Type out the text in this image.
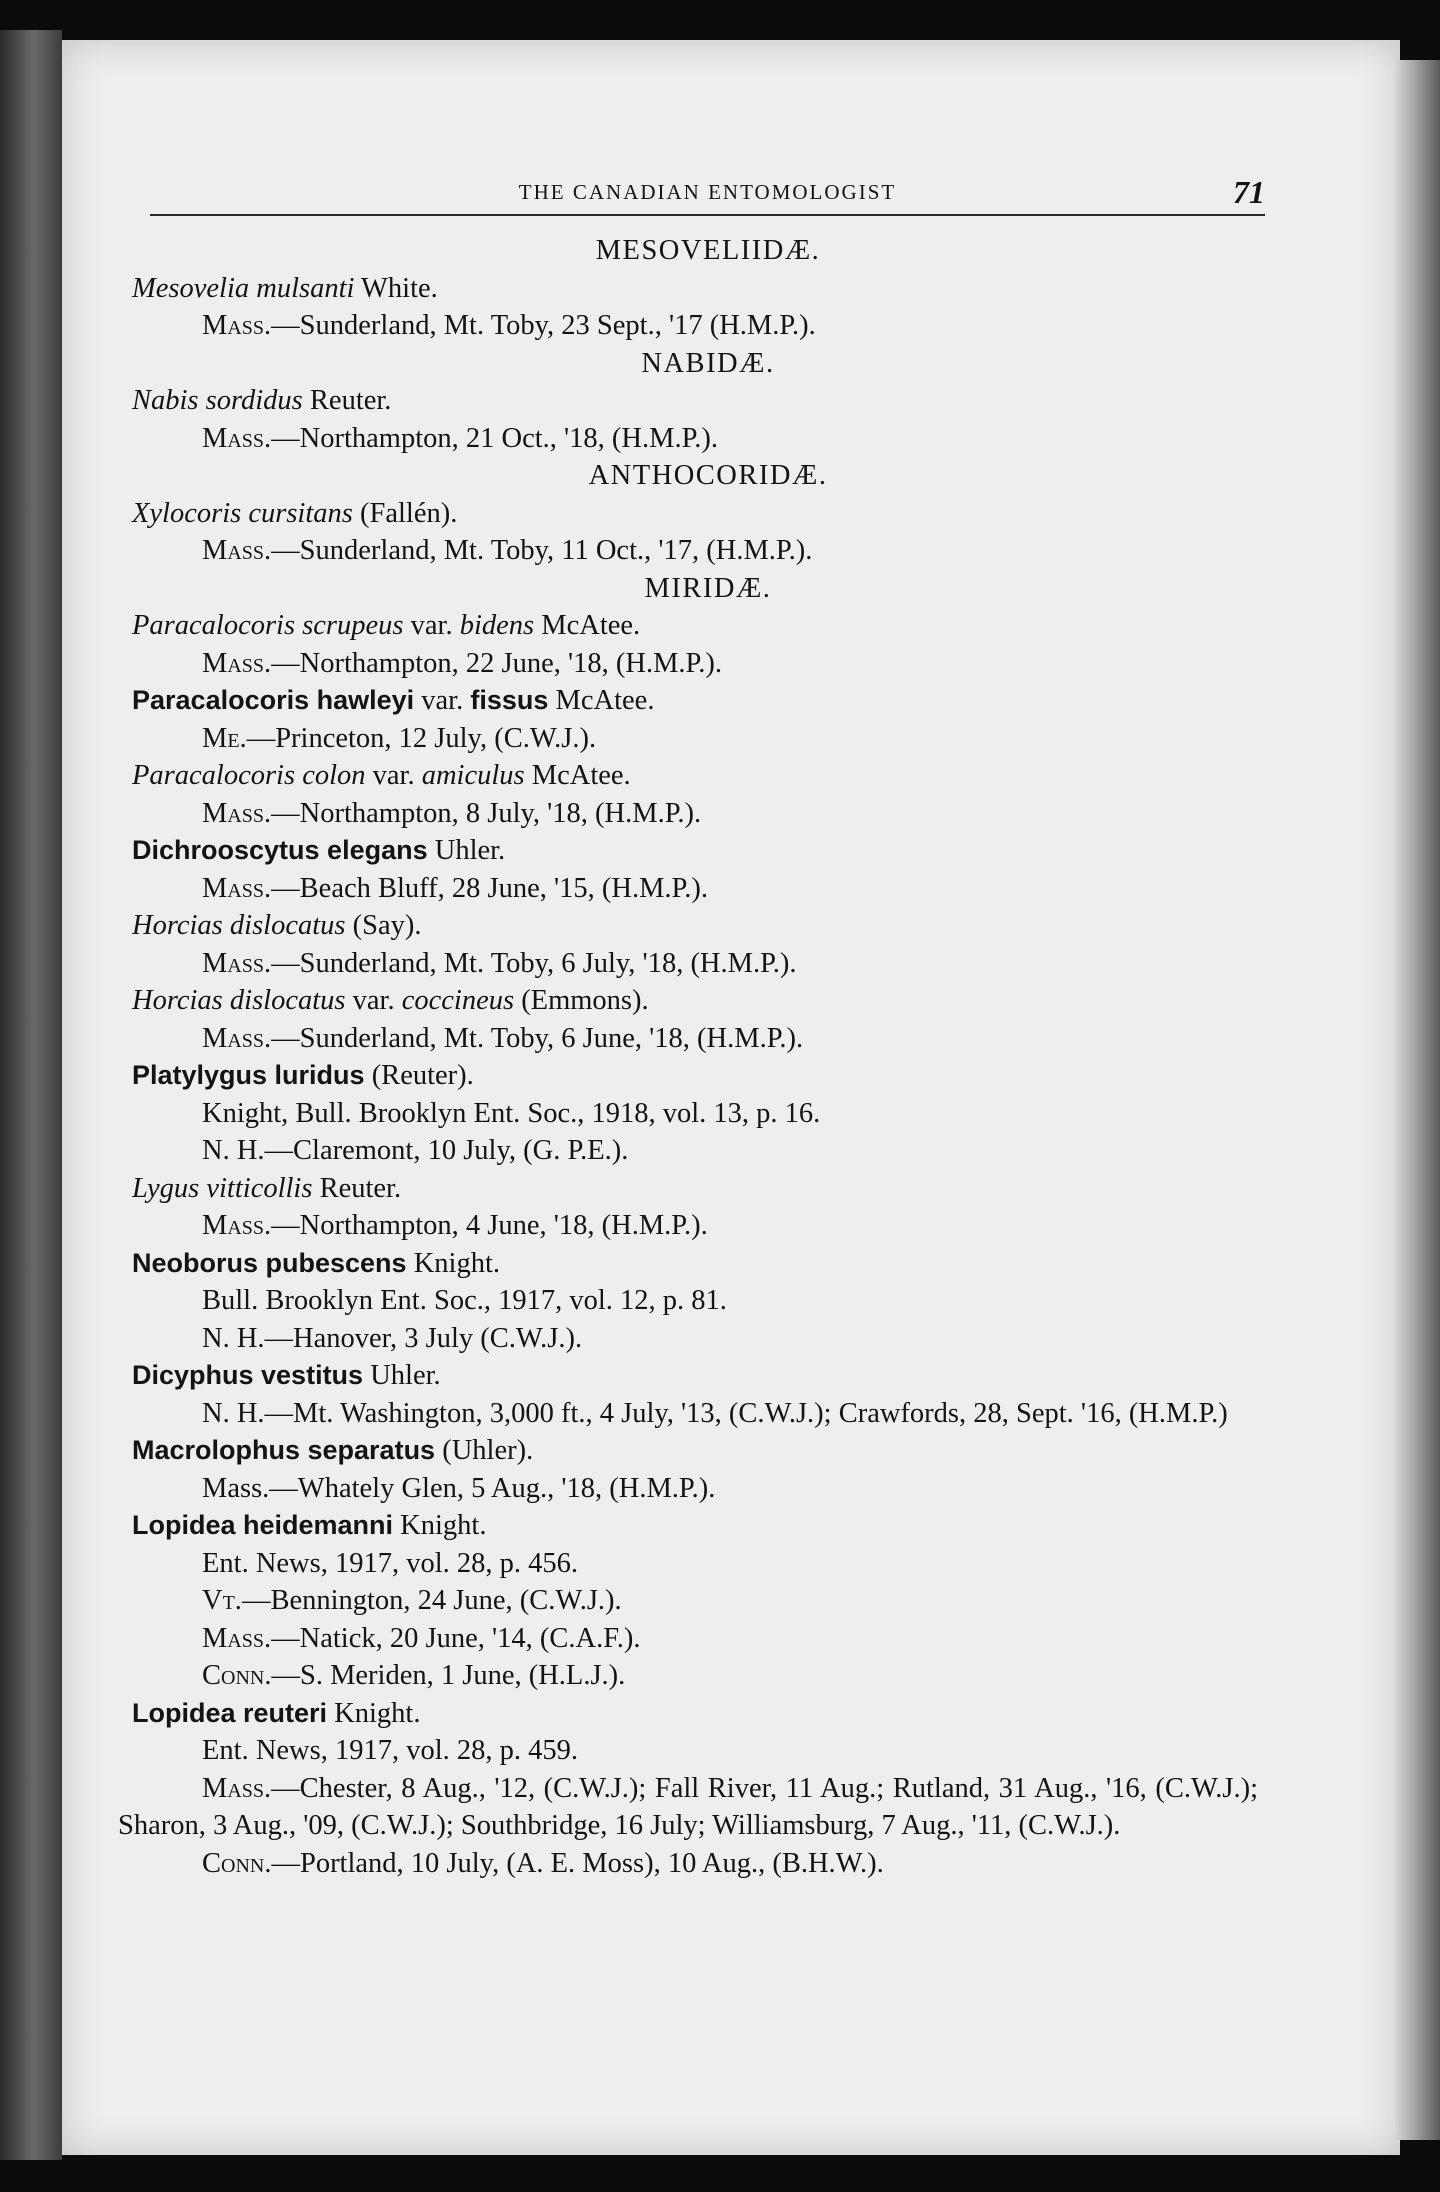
THE CANADIAN ENTOMOLOGIST	71
MESOVELIIDÆ.
Mesovelia mulsanti White.
Mass.—Sunderland, Mt. Toby, 23 Sept., '17 (H.M.P.).
NABIDÆ.
Nabis sordidus Reuter.
Mass.—Northampton, 21 Oct., '18, (H.M.P.).
ANTHOCORIDÆ.
Xylocoris cursitans (Fallén).
Mass.—Sunderland, Mt. Toby, 11 Oct., '17, (H.M.P.).
MIRIDÆ.
Paracalocoris scrupeus var. bidens McAtee.
Mass.—Northampton, 22 June, '18, (H.M.P.).
Paracalocoris hawleyi var. fissus McAtee.
Me.—Princeton, 12 July, (C.W.J.).
Paracalocoris colon var. amiculus McAtee.
Mass.—Northampton, 8 July, '18, (H.M.P.).
Dichrooscytus elegans Uhler.
Mass.—Beach Bluff, 28 June, '15, (H.M.P.).
Horcias dislocatus (Say).
Mass.—Sunderland, Mt. Toby, 6 July, '18, (H.M.P.).
Horcias dislocatus var. coccineus (Emmons).
Mass.—Sunderland, Mt. Toby, 6 June, '18, (H.M.P.).
Platylygus luridus (Reuter).
Knight, Bull. Brooklyn Ent. Soc., 1918, vol. 13, p. 16.
N. H.—Claremont, 10 July, (G. P.E.).
Lygus vitticollis Reuter.
Mass.—Northampton, 4 June, '18, (H.M.P.).
Neoborus pubescens Knight.
Bull. Brooklyn Ent. Soc., 1917, vol. 12, p. 81.
N. H.—Hanover, 3 July (C.W.J.).
Dicyphus vestitus Uhler.
N. H.—Mt. Washington, 3,000 ft., 4 July, '13, (C.W.J.); Crawfords, 28, Sept. '16, (H.M.P.)
Macrolophus separatus (Uhler).
Mass.—Whately Glen, 5 Aug., '18, (H.M.P.).
Lopidea heidemanni Knight.
Ent. News, 1917, vol. 28, p. 456.
Vt.—Bennington, 24 June, (C.W.J.).
Mass.—Natick, 20 June, '14, (C.A.F.).
Conn.—S. Meriden, 1 June, (H.L.J.).
Lopidea reuteri Knight.
Ent. News, 1917, vol. 28, p. 459.
Mass.—Chester, 8 Aug., '12, (C.W.J.); Fall River, 11 Aug.; Rutland, 31 Aug., '16, (C.W.J.); Sharon, 3 Aug., '09, (C.W.J.); Southbridge, 16 July; Williamsburg, 7 Aug., '11, (C.W.J.).
Conn.—Portland, 10 July, (A. E. Moss), 10 Aug., (B.H.W.).
